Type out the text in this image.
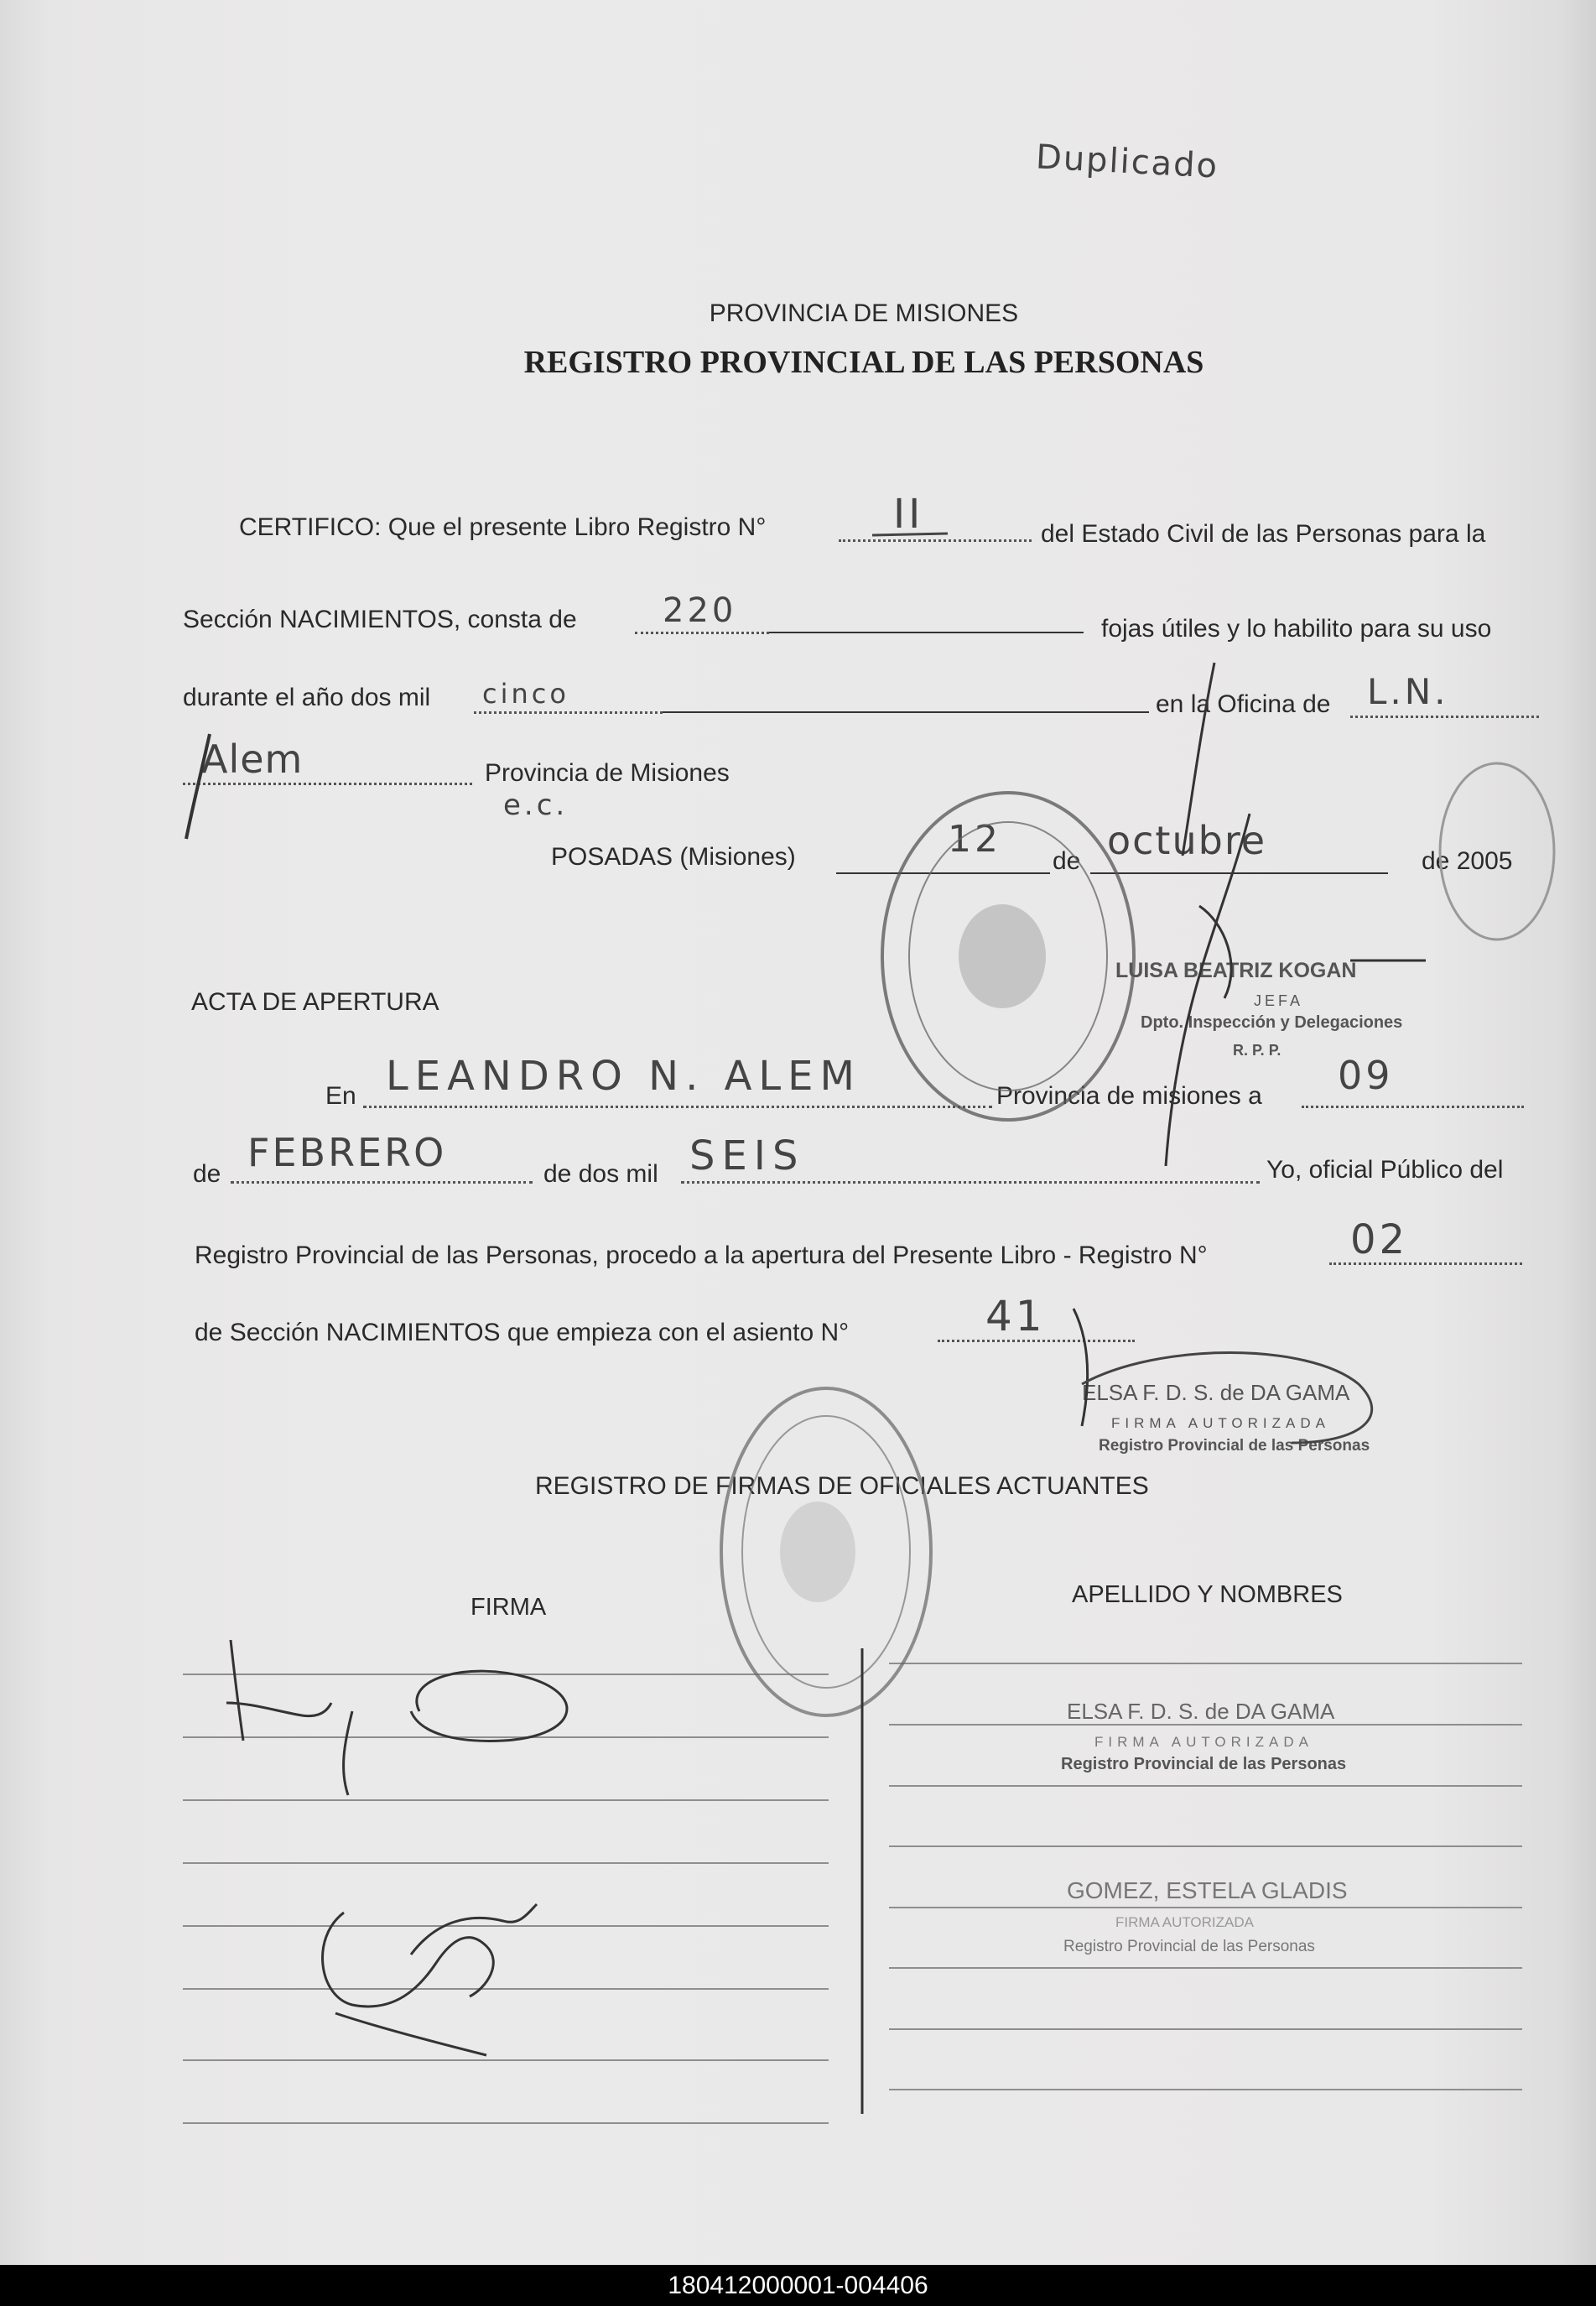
Duplicado
PROVINCIA DE MISIONES
REGISTRO PROVINCIAL DE LAS PERSONAS
CERTIFICO: Que el presente Libro Registro N°	II	del Estado Civil de las Personas para la
Sección NACIMIENTOS, consta de	220	fojas útiles y lo habilito para su uso
durante el año dos mil cinco	en la Oficina de L.N.
Alem	Provincia de Misiones
e.c.
POSADAS (Misiones)	12
de octubre	de 2005
ACTA DE APERTURA
En LEANDRO N. ALEM	Provincia de misiones a 09
de FEBRERO	de dos mil SEIS	Yo, oficial Público del
Registro Provincial de las Personas, procedo a la apertura del Presente Libro - Registro N°	02
de Sección NACIMIENTOS que empieza con el asiento N°	41
LUISA BEATRIZ KOGAN
JEFA
Dpto. Inspección y Delegaciones
R. P. P.
ELSA F. D. S. de DA GAMA
FIRMA AUTORIZADA
Registro Provincial de las Personas
REGISTRO DE FIRMAS DE OFICIALES ACTUANTES
FIRMA	APELLIDO Y NOMBRES
ELSA F. D. S. de DA GAMA
FIRMA AUTORIZADA
Registro Provincial de las Personas
GOMEZ, ESTELA GLADIS
FIRMA AUTORIZADA
Registro Provincial de las Personas
180412000001-004406
